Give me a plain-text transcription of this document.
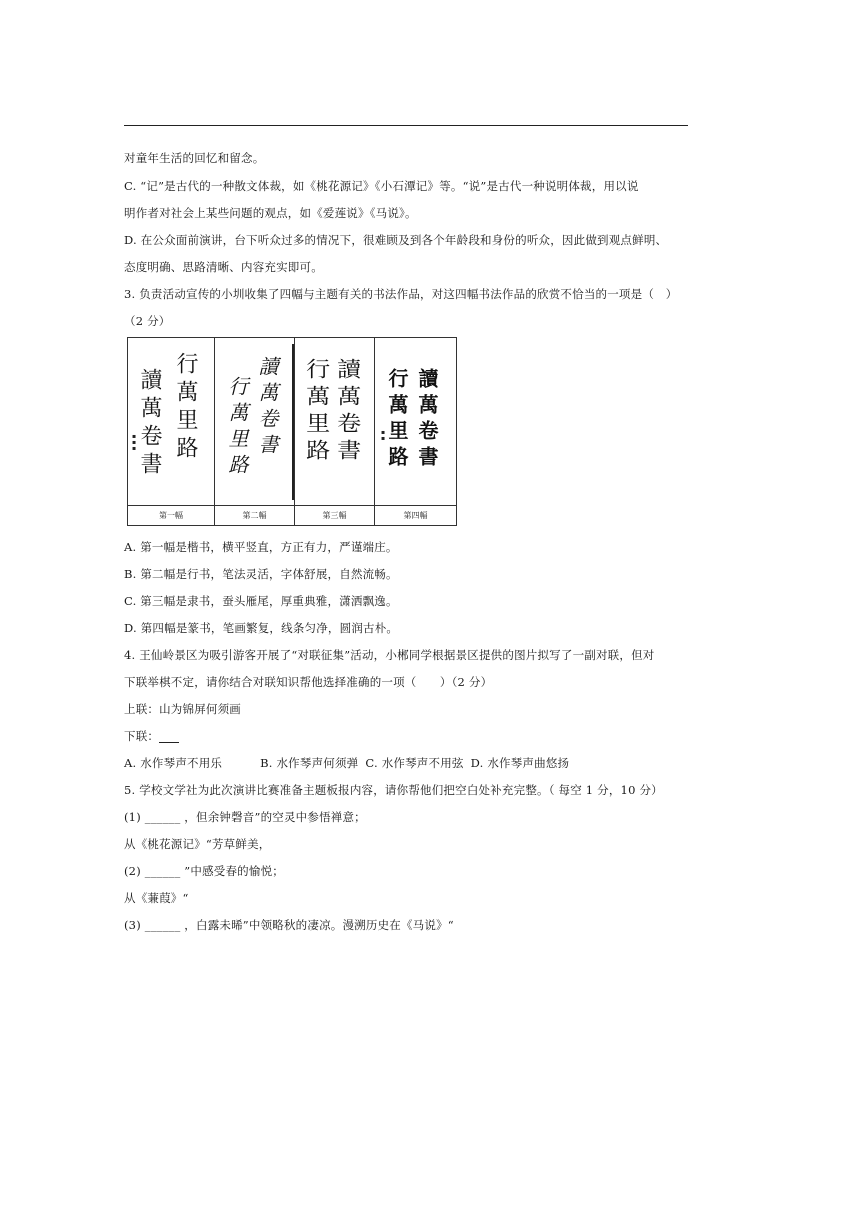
对童年生活的回忆和留念。
C. “记”是古代的一种散文体裁，如《桃花源记》《小石潭记》等。“说”是古代一种说明体裁，用以说
明作者对社会上某些问题的观点，如《爱莲说》《马说》。
D. 在公众面前演讲，台下听众过多的情况下，很难顾及到各个年龄段和身份的听众，因此做到观点鲜明、
态度明确、思路清晰、内容充实即可。
3. 负责活动宣传的小圳收集了四幅与主题有关的书法作品，对这四幅书法作品的欣赏不恰当的一项是（　）
（2 分）
行萬里路
讀萬卷書
▪
▪
▪
第一幅
讀萬卷書
行萬里路
第二幅
讀萬卷書
行萬里路
第三幅
讀萬卷書
行萬里路
▪
▪
第四幅
A. 第一幅是楷书，横平竖直，方正有力，严谨端庄。
B. 第二幅是行书，笔法灵活，字体舒展，自然流畅。
C. 第三幅是隶书，蚕头雁尾，厚重典雅，潇洒飘逸。
D. 第四幅是篆书，笔画繁复，线条匀净，圆润古朴。
4. 王仙岭景区为吸引游客开展了“对联征集”活动，小郴同学根据景区提供的图片拟写了一副对联，但对
下联举棋不定，请你结合对联知识帮他选择准确的一项（　　）（2 分）
上联：山为锦屏何须画
下联：
A. 水作琴声不用乐	B. 水作琴声何须弹 C. 水作琴声不用弦 D. 水作琴声曲悠扬
5. 学校文学社为此次演讲比赛准备主题板报内容，请你帮他们把空白处补充完整。（ 每空 1 分，10 分）
(1) ______ ，但余钟磬音”的空灵中参悟禅意；
从《桃花源记》“芳草鲜美，
(2) ______ ”中感受春的愉悦；
从《蒹葭》“
(3) ______ ，白露未晞”中领略秋的凄凉。漫溯历史在《马说》“
